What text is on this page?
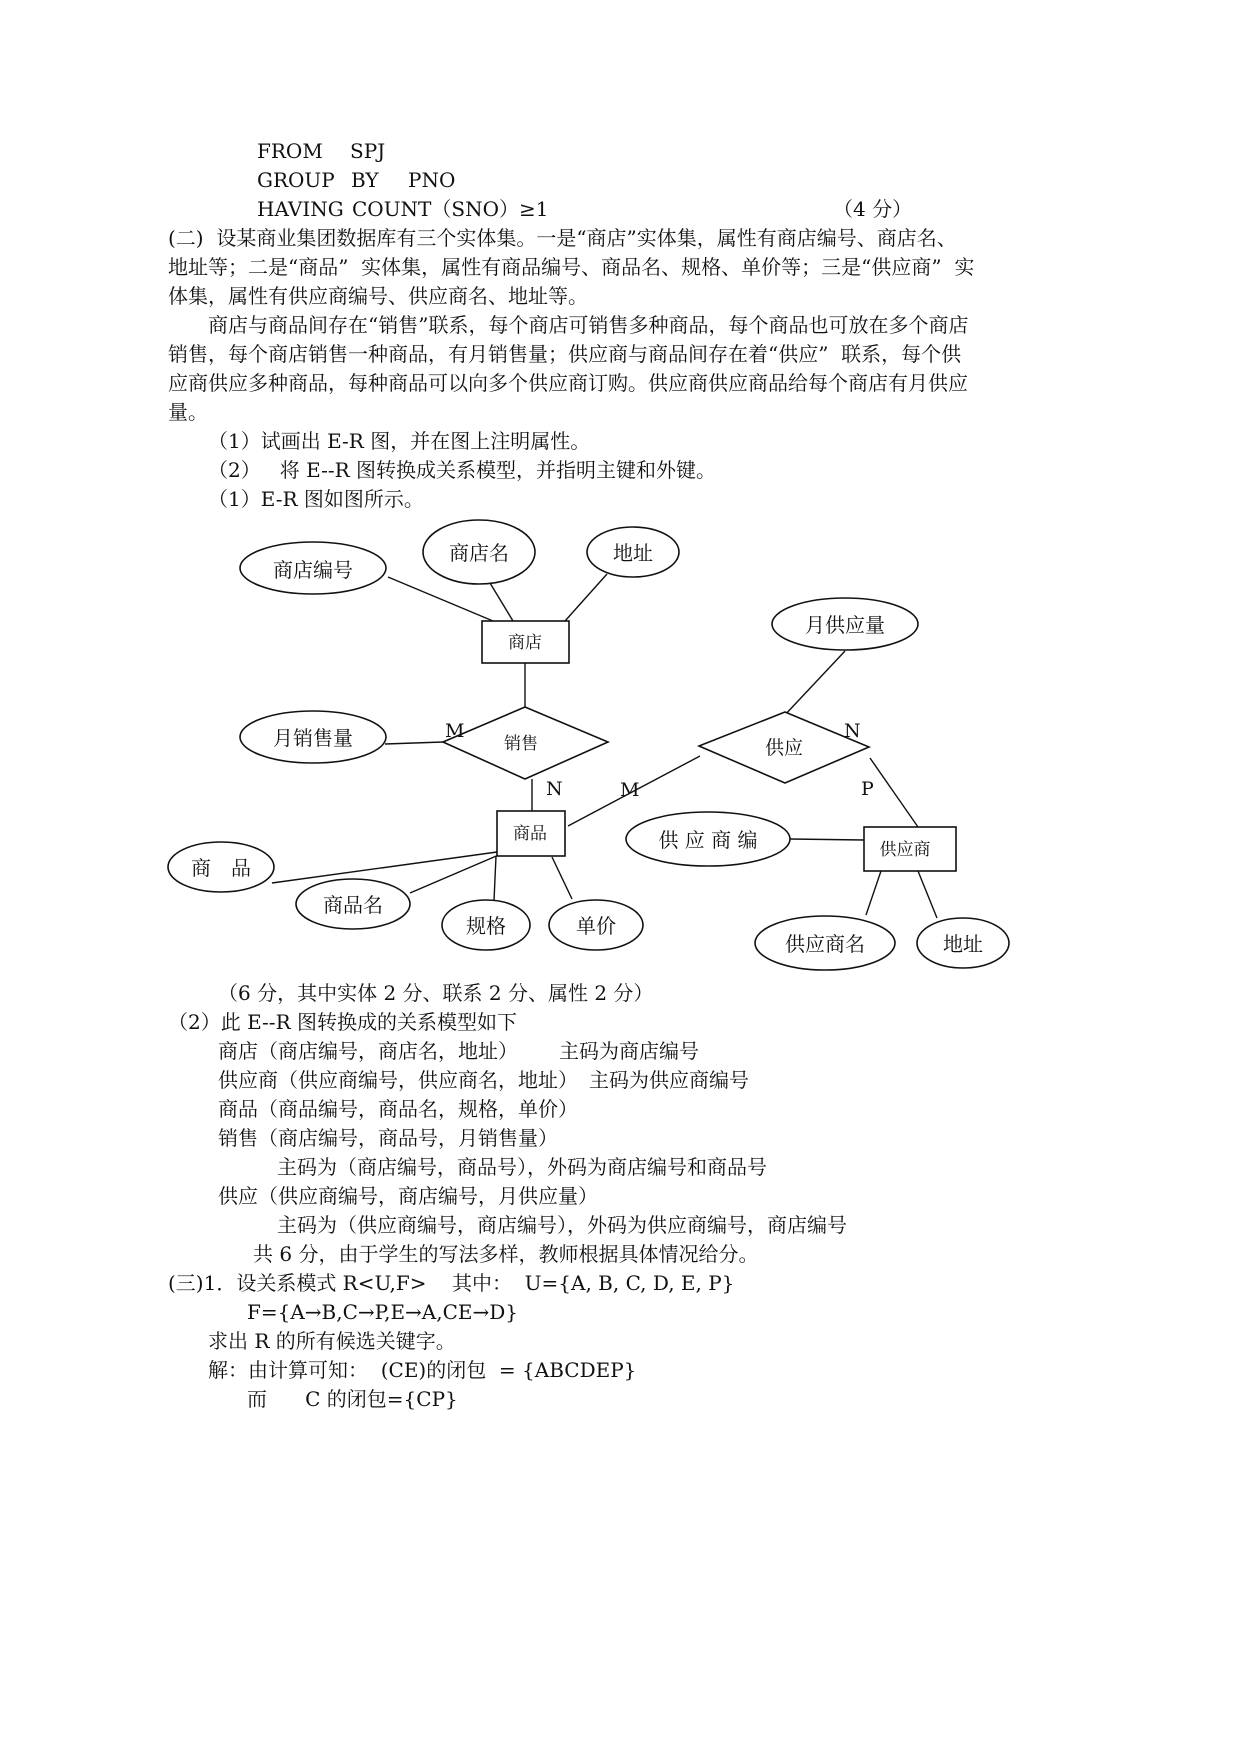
FROM SPJ
GROUP BY PNO
HAVING COUNT（SNO）≥1	（4 分）
(二)  设某商业集团数据库有三个实体集。一是“商店”实体集，属性有商店编号、商店名、
地址等；二是“商品”  实体集，属性有商品编号、商品名、规格、单价等；三是“供应商”  实
体集，属性有供应商编号、供应商名、地址等。
商店与商品间存在“销售”联系，每个商店可销售多种商品，每个商品也可放在多个商店
销售，每个商店销售一种商品，有月销售量；供应商与商品间存在着“供应”  联系，每个供
应商供应多种商品，每种商品可以向多个供应商订购。供应商供应商品给每个商店有月供应
量。
（1）试画出 E-R 图，并在图上注明属性。
（2）   将 E--R 图转换成关系模型，并指明主键和外键。
（1）E-R 图如图所示。
商店编号
商店名	地址
商店
月供应量
月销售量	销售
M
N
供应
M
N
P
商品
商　品
商品名
规格	单价
供 应 商 编	供应商
供应商名	地址
（6 分，其中实体 2 分、联系 2 分、属性 2 分）
（2）此 E--R 图转换成的关系模型如下
商店（商店编号，商店名，地址） 主码为商店编号
供应商（供应商编号，供应商名，地址） 主码为供应商编号
商品（商品编号，商品名，规格，单价）
销售（商店编号，商品号，月销售量）
主码为（商店编号，商品号），外码为商店编号和商品号
供应（供应商编号，商店编号，月供应量）
主码为（供应商编号，商店编号），外码为供应商编号，商店编号
共 6 分，由于学生的写法多样，教师根据具体情况给分。
(三)1．设关系模式 R<U,F>    其中：  U={A, B, C, D, E, P}
F={A→B,C→P,E→A,CE→D}
求出 R 的所有候选关键字。
解：由计算可知：  (CE)的闭包  = {ABCDEP}
而      C 的闭包={CP}
